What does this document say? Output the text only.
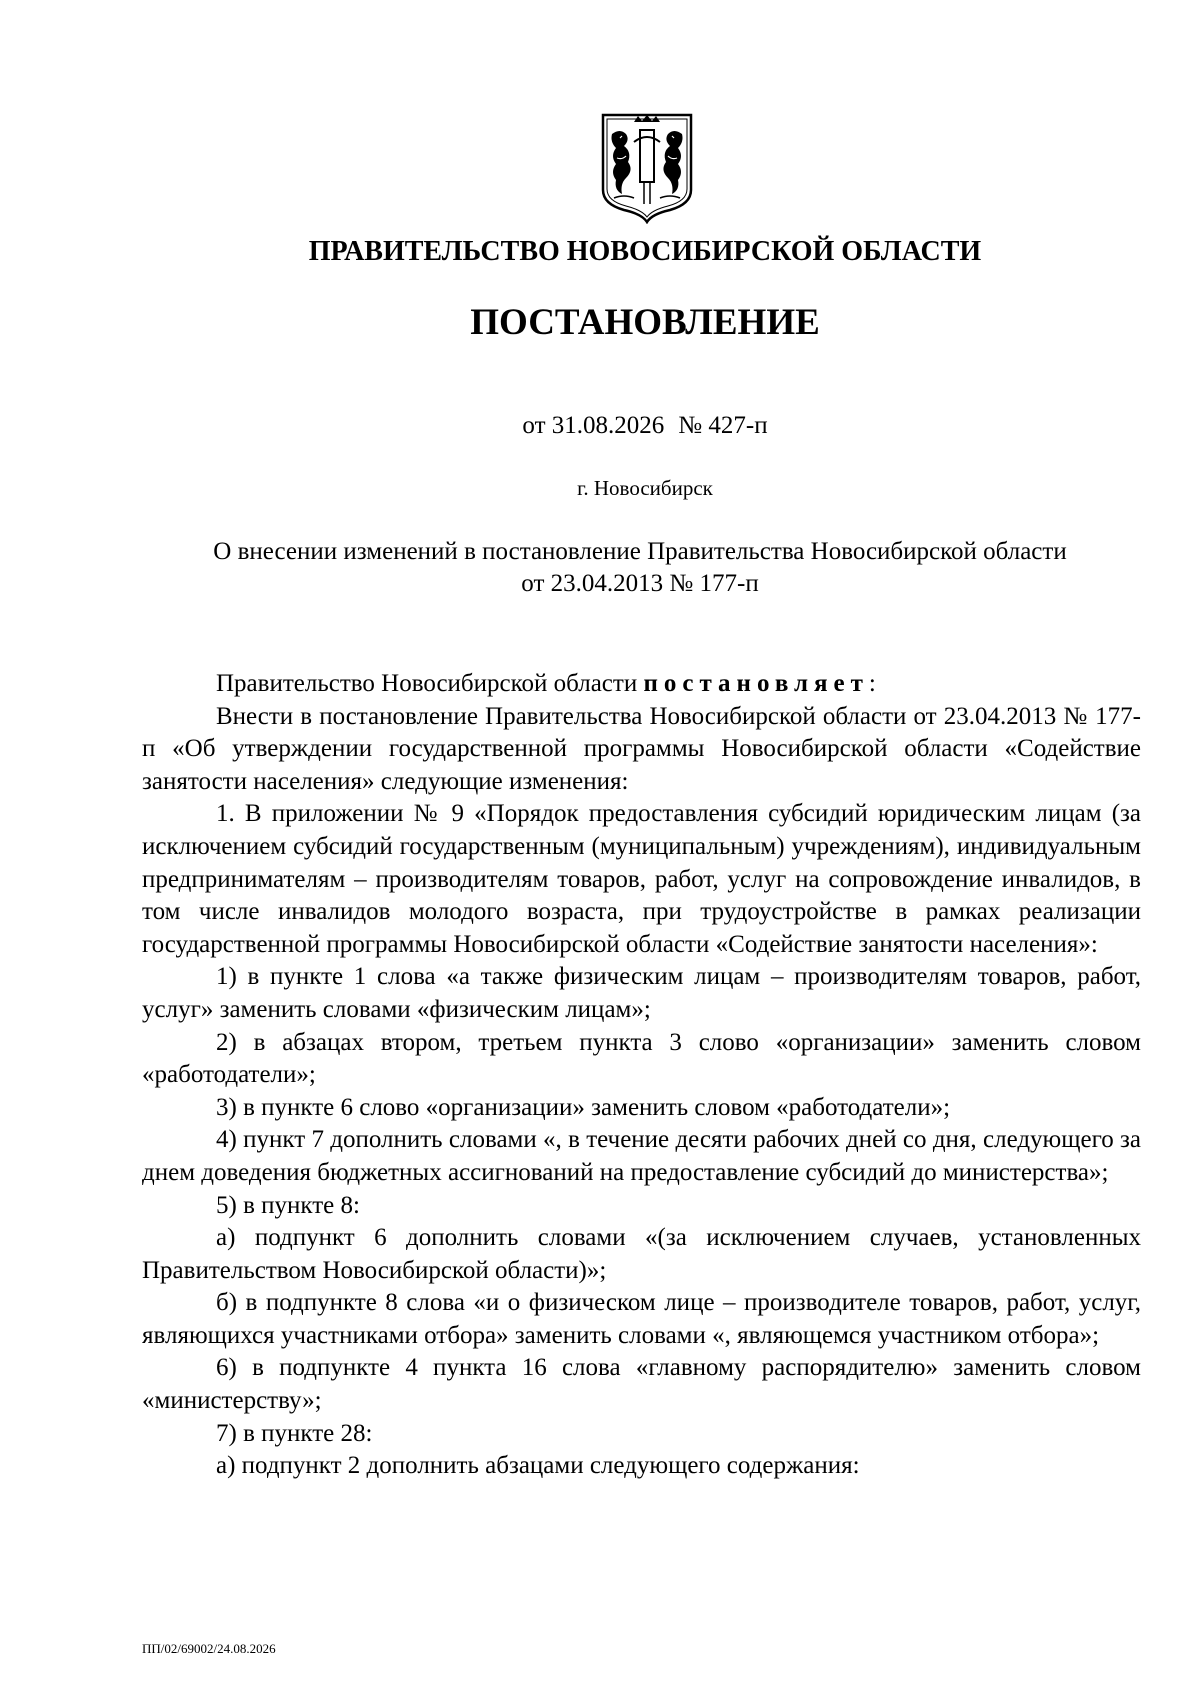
ПРАВИТЕЛЬСТВО НОВОСИБИРСКОЙ ОБЛАСТИ
ПОСТАНОВЛЕНИЕ
от 31.08.2026 № 427-п
г. Новосибирск
О внесении изменений в постановление Правительства Новосибирской области
от 23.04.2013 № 177-п

Правительство Новосибирской области постановляет:

Внести в постановление Правительства Новосибирской области от 23.04.2013 № 177-п «Об утверждении государственной программы Новосибирской области «Содействие занятости населения» следующие изменения:

1. В приложении № 9 «Порядок предоставления субсидий юридическим лицам (за исключением субсидий государственным (муниципальным) учреждениям), индивидуальным предпринимателям – производителям товаров, работ, услуг на сопровождение инвалидов, в том числе инвалидов молодого возраста, при трудоустройстве в рамках реализации государственной программы Новосибирской области «Содействие занятости населения»:

1) в пункте 1 слова «а также физическим лицам – производителям товаров, работ, услуг» заменить словами «физическим лицам»;

2) в абзацах втором, третьем пункта 3 слово «организации» заменить словом «работодатели»;

3) в пункте 6 слово «организации» заменить словом «работодатели»;

4) пункт 7 дополнить словами «, в течение десяти рабочих дней со дня, следующего за днем доведения бюджетных ассигнований на предоставление субсидий до министерства»;

5) в пункте 8:

а) подпункт 6 дополнить словами «(за исключением случаев, установленных Правительством Новосибирской области)»;

б) в подпункте 8 слова «и о физическом лице – производителе товаров, работ, услуг, являющихся участниками отбора» заменить словами «, являющемся участником отбора»;

6) в подпункте 4 пункта 16 слова «главному распорядителю» заменить словом «министерству»;

7) в пункте 28:

а) подпункт 2 дополнить абзацами следующего содержания:

ПП/02/69002/24.08.2026
